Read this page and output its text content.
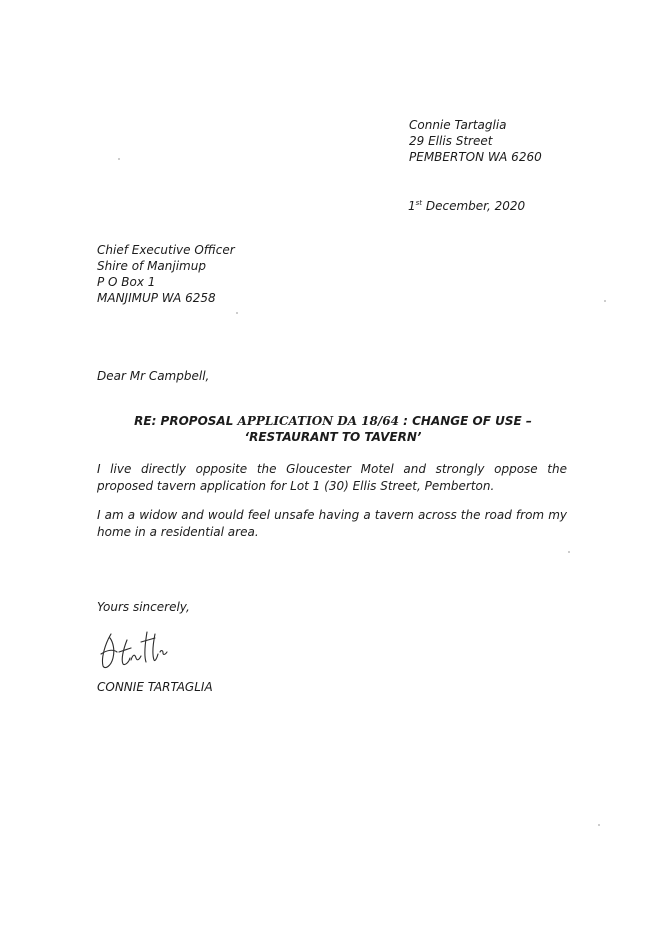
Connie Tartaglia
29 Ellis Street
PEMBERTON WA 6260
1st December, 2020
Chief Executive Officer
Shire of Manjimup
P O Box 1
MANJIMUP WA 6258
Dear Mr Campbell,
RE: PROPOSAL APPLICATION DA 18/64 : CHANGE OF USE –
‘RESTAURANT TO TAVERN’
I live directly opposite the Gloucester Motel and strongly oppose the proposed tavern application for Lot 1 (30) Ellis Street, Pemberton.
I am a widow and would feel unsafe having a tavern across the road from my home in a residential area.
Yours sincerely,
CONNIE TARTAGLIA
